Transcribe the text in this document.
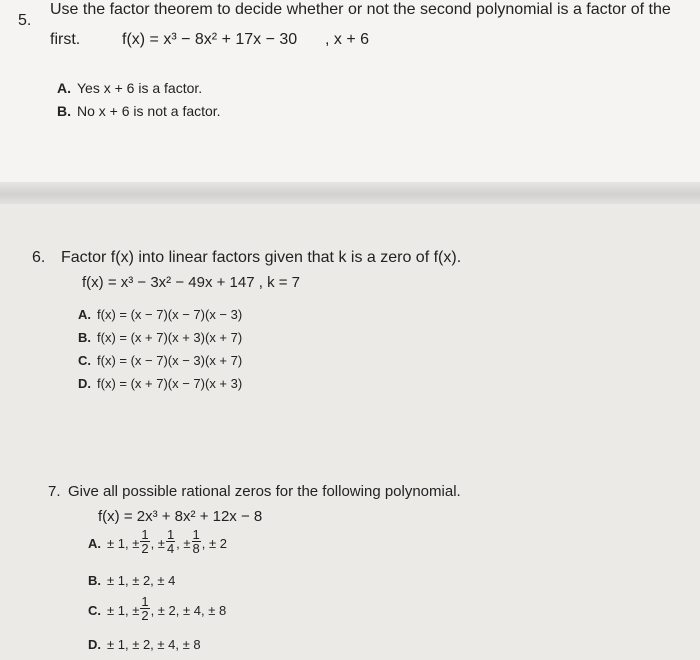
5.
Use the factor theorem to decide whether or not the second polynomial is a factor of the
first.	f(x) = x³ − 8x² + 17x − 30 , x + 6
A. Yes x + 6 is a factor.
B. No x + 6 is not a factor.
6. Factor f(x) into linear factors given that k is a zero of f(x).
f(x) = x³ − 3x² − 49x + 147 , k = 7
A. f(x) = (x − 7)(x − 7)(x − 3)
B. f(x) = (x + 7)(x + 3)(x + 7)
C. f(x) = (x − 7)(x − 3)(x + 7)
D. f(x) = (x + 7)(x − 7)(x + 3)
7. Give all possible rational zeros for the following polynomial.
f(x) = 2x³ + 8x² + 12x − 8
A. ± 1, ± $\frac{1}{2}$ , ± $\frac{1}{4}$ , ± $\frac{1}{8}$ , ± 2
B. ± 1, ± 2, ± 4
C. ± 1, ± $\frac{1}{2}$ , ± 2, ± 4, ± 8
D. ± 1, ± 2, ± 4, ± 8
